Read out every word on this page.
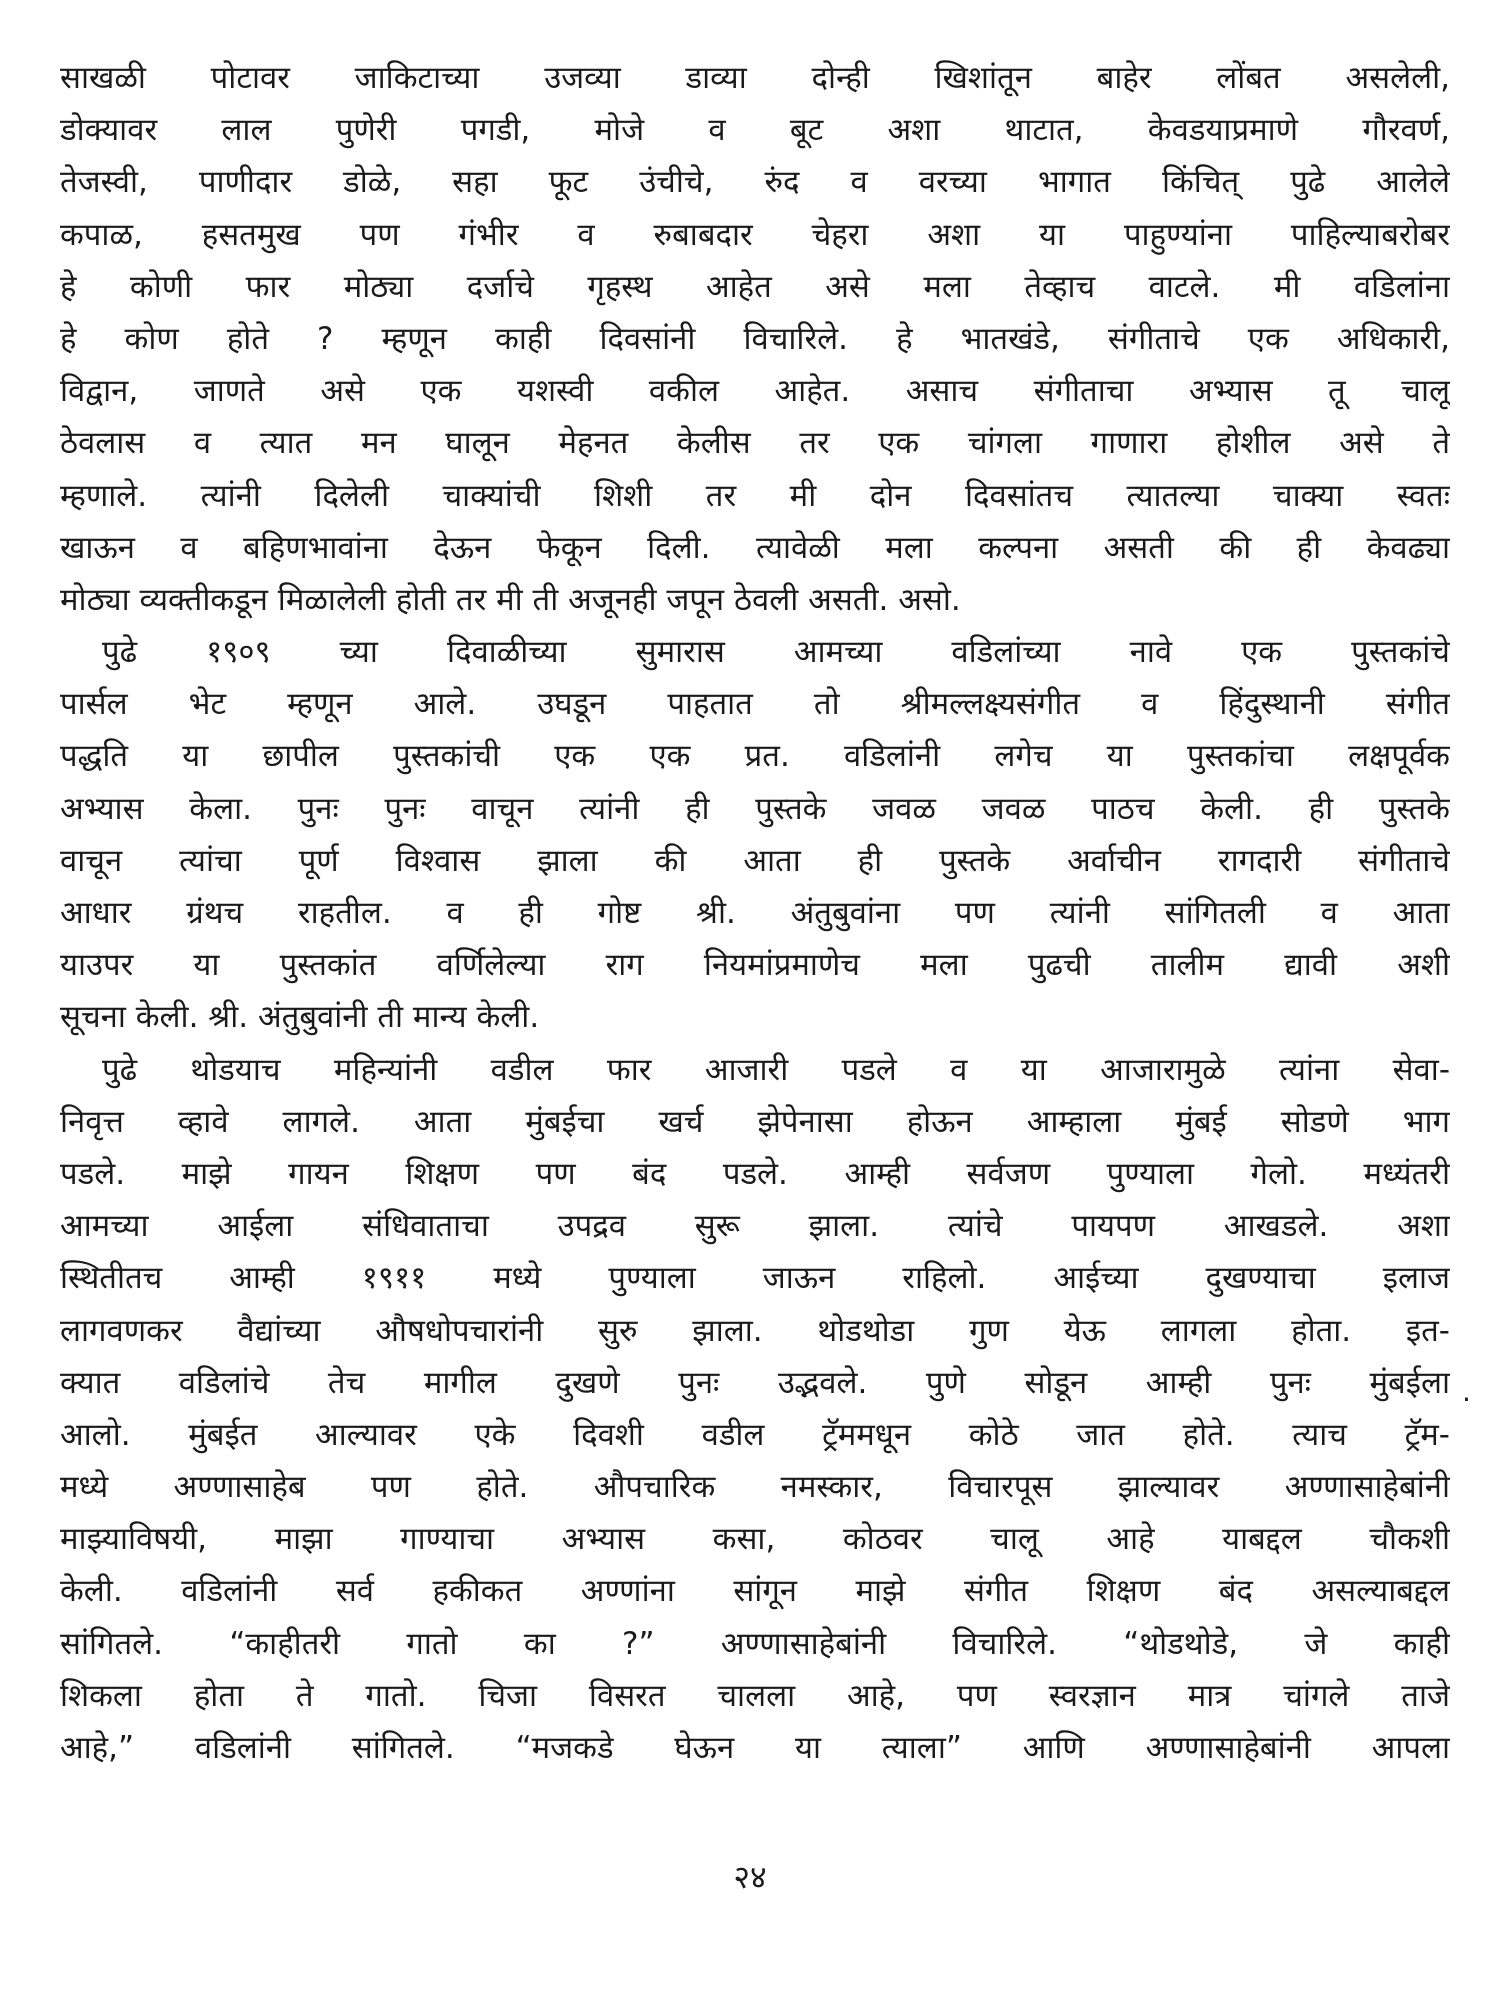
साखळी पोटावर जाकिटाच्या उजव्या डाव्या दोन्ही खिशांतून बाहेर लोंबत असलेली,
डोक्यावर लाल पुणेरी पगडी, मोजे व बूट अशा थाटात, केवडयाप्रमाणे गौरवर्ण,
तेजस्वी, पाणीदार डोळे, सहा फूट उंचीचे, रुंद व वरच्या भागात किंचित् पुढे आलेले
कपाळ, हसतमुख पण गंभीर व रुबाबदार चेहरा अशा या पाहुण्यांना पाहिल्याबरोबर
हे कोणी फार मोठ्या दर्जाचे गृहस्थ आहेत असे मला तेव्हाच वाटले. मी वडिलांना
हे कोण होते ? म्हणून काही दिवसांनी विचारिले. हे भातखंडे, संगीताचे एक अधिकारी,
विद्वान, जाणते असे एक यशस्वी वकील आहेत. असाच संगीताचा अभ्यास तू चालू
ठेवलास व त्यात मन घालून मेहनत केलीस तर एक चांगला गाणारा होशील असे ते
म्हणाले. त्यांनी दिलेली चाक्यांची शिशी तर मी दोन दिवसांतच त्यातल्या चाक्या स्वतः
खाऊन व बहिणभावांना देऊन फेकून दिली. त्यावेळी मला कल्पना असती की ही केवढ्या
मोठ्या व्यक्तीकडून मिळालेली होती तर मी ती अजूनही जपून ठेवली असती. असो.
पुढे १९०९ च्या दिवाळीच्या सुमारास आमच्या वडिलांच्या नावे एक पुस्तकांचे
पार्सल भेट म्हणून आले. उघडून पाहतात तो श्रीमल्लक्ष्यसंगीत व हिंदुस्थानी संगीत
पद्धति या छापील पुस्तकांची एक एक प्रत. वडिलांनी लगेच या पुस्तकांचा लक्षपूर्वक
अभ्यास केला. पुनः पुनः वाचून त्यांनी ही पुस्तके जवळ जवळ पाठच केली. ही पुस्तके
वाचून त्यांचा पूर्ण विश्वास झाला की आता ही पुस्तके अर्वाचीन रागदारी संगीताचे
आधार ग्रंथच राहतील. व ही गोष्ट श्री. अंतुबुवांना पण त्यांनी सांगितली व आता
याउपर या पुस्तकांत वर्णिलेल्या राग नियमांप्रमाणेच मला पुढची तालीम द्यावी अशी
सूचना केली. श्री. अंतुबुवांनी ती मान्य केली.
पुढे थोडयाच महिन्यांनी वडील फार आजारी पडले व या आजारामुळे त्यांना सेवा-
निवृत्त व्हावे लागले. आता मुंबईचा खर्च झेपेनासा होऊन आम्हाला मुंबई सोडणे भाग
पडले. माझे गायन शिक्षण पण बंद पडले. आम्ही सर्वजण पुण्याला गेलो. मध्यंतरी
आमच्या आईला संधिवाताचा उपद्रव सुरू झाला. त्यांचे पायपण आखडले. अशा
स्थितीतच आम्ही १९११ मध्ये पुण्याला जाऊन राहिलो. आईच्या दुखण्याचा इलाज
लागवणकर वैद्यांच्या औषधोपचारांनी सुरु झाला. थोडथोडा गुण येऊ लागला होता. इत-
क्यात वडिलांचे तेच मागील दुखणे पुनः उद्भवले. पुणे सोडून आम्ही पुनः मुंबईला
आलो. मुंबईत आल्यावर एके दिवशी वडील ट्रॅममधून कोठे जात होते. त्याच ट्रॅम-
मध्ये अण्णासाहेब पण होते. औपचारिक नमस्कार, विचारपूस झाल्यावर अण्णासाहेबांनी
माझ्याविषयी, माझा गाण्याचा अभ्यास कसा, कोठवर चालू आहे याबद्दल चौकशी
केली. वडिलांनी सर्व हकीकत अण्णांना सांगून माझे संगीत शिक्षण बंद असल्याबद्दल
सांगितले. “काहीतरी गातो का ?” अण्णासाहेबांनी विचारिले. “थोडथोडे, जे काही
शिकला होता ते गातो. चिजा विसरत चालला आहे, पण स्वरज्ञान मात्र चांगले ताजे
आहे,” वडिलांनी सांगितले. “मजकडे घेऊन या त्याला” आणि अण्णासाहेबांनी आपला
·
२४
